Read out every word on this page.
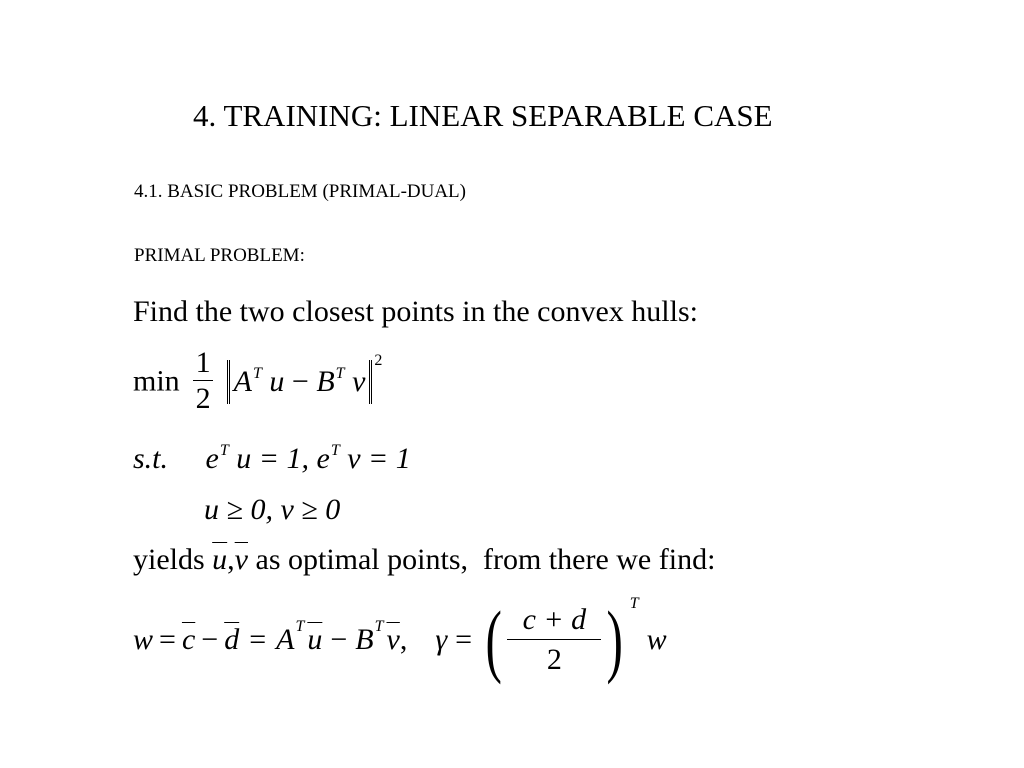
4. TRAINING: LINEAR SEPARABLE CASE
4.1. BASIC PROBLEM (PRIMAL-DUAL)
PRIMAL PROBLEM:
Find the two closest points in the convex hulls:
$\min \frac{1}{2} A^T$ $u - B^T$ $v^2$
s.t. $e^T$ u = 1, $e^T$ v = 1
u ≥ 0, v ≥ 0
yields $\overline{u},\overline{v}$ as optimal points,  from there we find:
$w = \overline{c} - \overline{d} = A$ T $\overline{u} - B$ T $\overline{v}$ , γ = ( $\frac{c + d}{2}$ ) T
w
